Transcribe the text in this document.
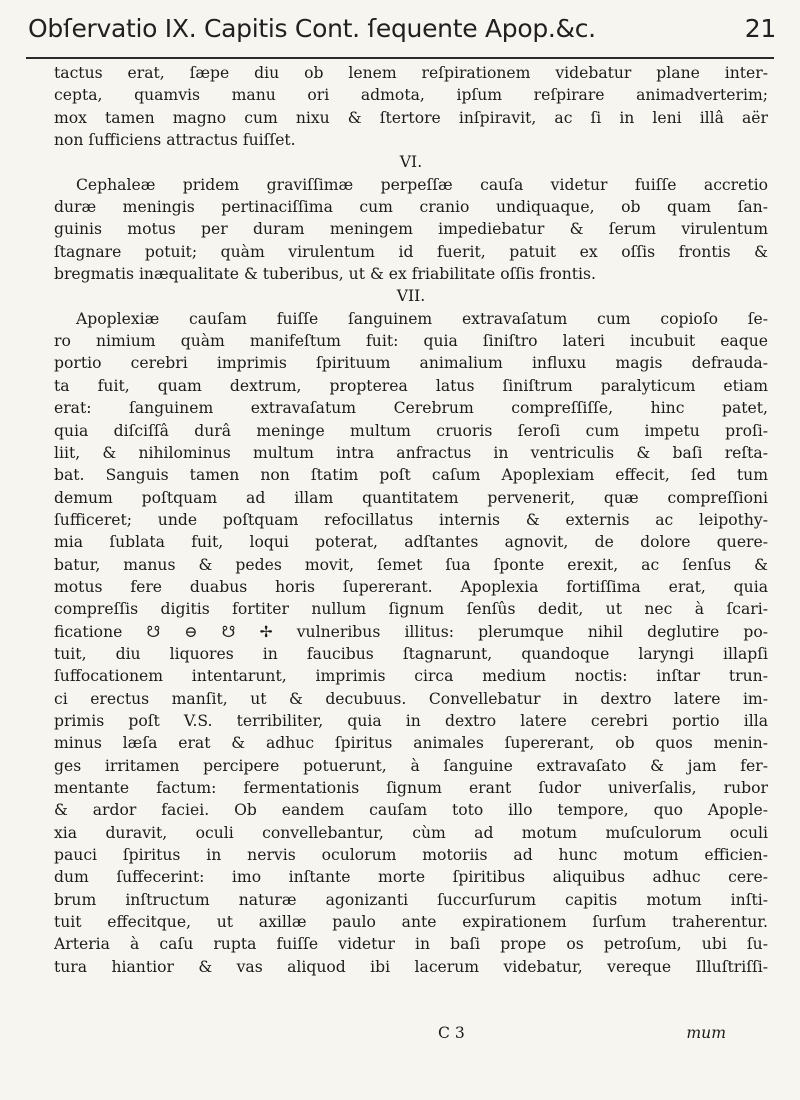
Obſervatio IX. Capitis Cont. ſequente Apop.&c.	21
tactus erat, ſæpe diu ob lenem reſpirationem videbatur plane inter-
cepta, quamvis manu ori admota, ipſum reſpirare animadverterim;
mox tamen magno cum nixu & ſtertore inſpiravit, ac ſi in leni illâ aër
non ſufficiens attractus fuiſſet.
VI.
Cephaleæ pridem graviſſimæ perpeſſæ cauſa videtur fuiſſe accretio
duræ meningis pertinaciſſima cum cranio undiquaque, ob quam ſan-
guinis motus per duram meningem impediebatur & ſerum virulentum
ſtagnare potuit; quàm virulentum id fuerit, patuit ex oſſis frontis &
bregmatis inæqualitate & tuberibus, ut & ex friabilitate oſſis frontis.
VII.
Apoplexiæ cauſam fuiſſe ſanguinem extravaſatum cum copioſo ſe-
ro nimium quàm manifeſtum fuit: quia ſiniſtro lateri incubuit eaque
portio cerebri imprimis ſpirituum animalium influxu magis defrauda-
ta fuit, quam dextrum, propterea latus ſiniſtrum paralyticum etiam
erat: ſanguinem extravaſatum Cerebrum compreſſiſſe, hinc patet,
quia diſciſſâ durâ meninge multum cruoris ſeroſi cum impetu proſi-
liit, & nihilominus multum intra anfractus in ventriculis & baſi reſta-
bat. Sanguis tamen non ſtatim poſt caſum Apoplexiam effecit, ſed tum
demum poſtquam ad illam quantitatem pervenerit, quæ compreſſioni
ſufficeret; unde poſtquam refocillatus internis & externis ac leipothy-
mia ſublata fuit, loqui poterat, adſtantes agnovit, de dolore quere-
batur, manus & pedes movit, ſemet ſua ſponte erexit, ac ſenſus &
motus fere duabus horis ſupererant. Apoplexia fortiſſima erat, quia
compreſſis digitis fortiter nullum ſignum ſenſûs dedit, ut nec à ſcari-
ficatione ☋ ⊖ ☋ ✢ vulneribus illitus: plerumque nihil deglutire po-
tuit, diu liquores in faucibus ſtagnarunt, quandoque laryngi illapſi
ſuffocationem intentarunt, imprimis circa medium noctis: inſtar trun-
ci erectus manſit, ut & decubuus. Convellebatur in dextro latere im-
primis poſt V.S. terribiliter, quia in dextro latere cerebri portio illa
minus læſa erat & adhuc ſpiritus animales ſupererant, ob quos menin-
ges irritamen percipere potuerunt, à ſanguine extravaſato & jam fer-
mentante factum: fermentationis ſignum erant ſudor univerſalis, rubor
& ardor faciei. Ob eandem cauſam toto illo tempore, quo Apople-
xia duravit, oculi convellebantur, cùm ad motum muſculorum oculi
pauci ſpiritus in nervis oculorum motoriis ad hunc motum efficien-
dum ſuffecerint: imo inſtante morte ſpiritibus aliquibus adhuc cere-
brum inſtructum naturæ agonizanti ſuccurſurum capitis motum inſti-
tuit effecitque, ut axillæ paulo ante expirationem ſurſum traherentur.
Arteria à caſu rupta fuiſſe videtur in baſi prope os petroſum, ubi ſu-
tura hiantior & vas aliquod ibi lacerum videbatur, vereque Illuſtriſſi-
C 3	mum
